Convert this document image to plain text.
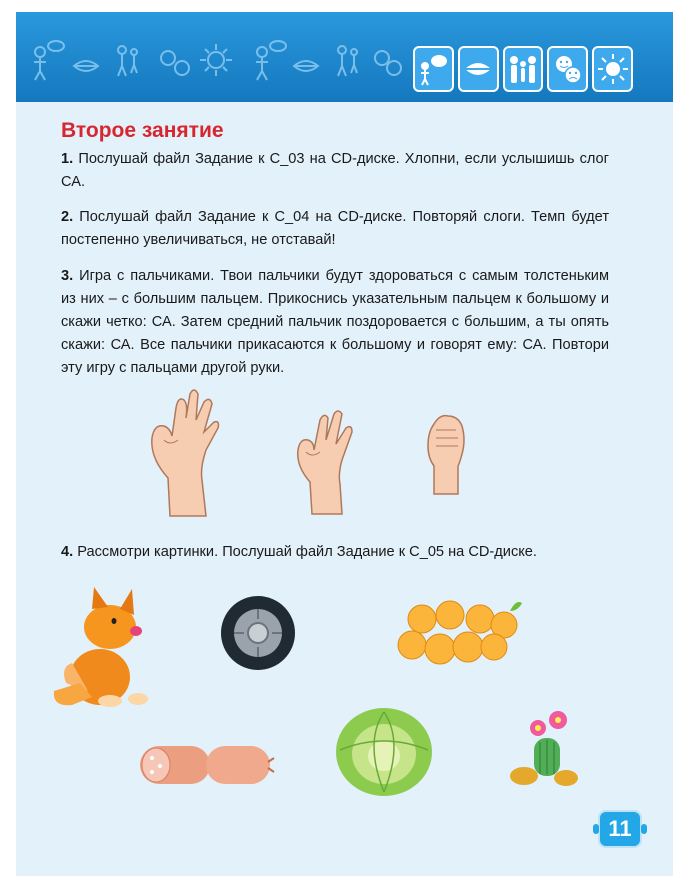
Второе занятие

1. Послушай файл Задание к С_03 на CD-диске. Хлопни, если услышишь слог СА.

2. Послушай файл Задание к С_04 на CD-диске. Повторяй слоги. Темп будет постепенно увеличиваться, не отставай!

3. Игра с пальчиками. Твои пальчики будут здороваться с самым толстеньким из них – с большим пальцем. Прикоснись указательным пальцем к большому и скажи четко: СА. Затем средний пальчик поздоровается с большим, а ты опять скажи: СА. Все пальчики прикасаются к большому и говорят ему: СА. Повтори эту игру с пальцами другой руки.

4. Рассмотри картинки. Послушай файл Задание к С_05 на CD-диске.

11
